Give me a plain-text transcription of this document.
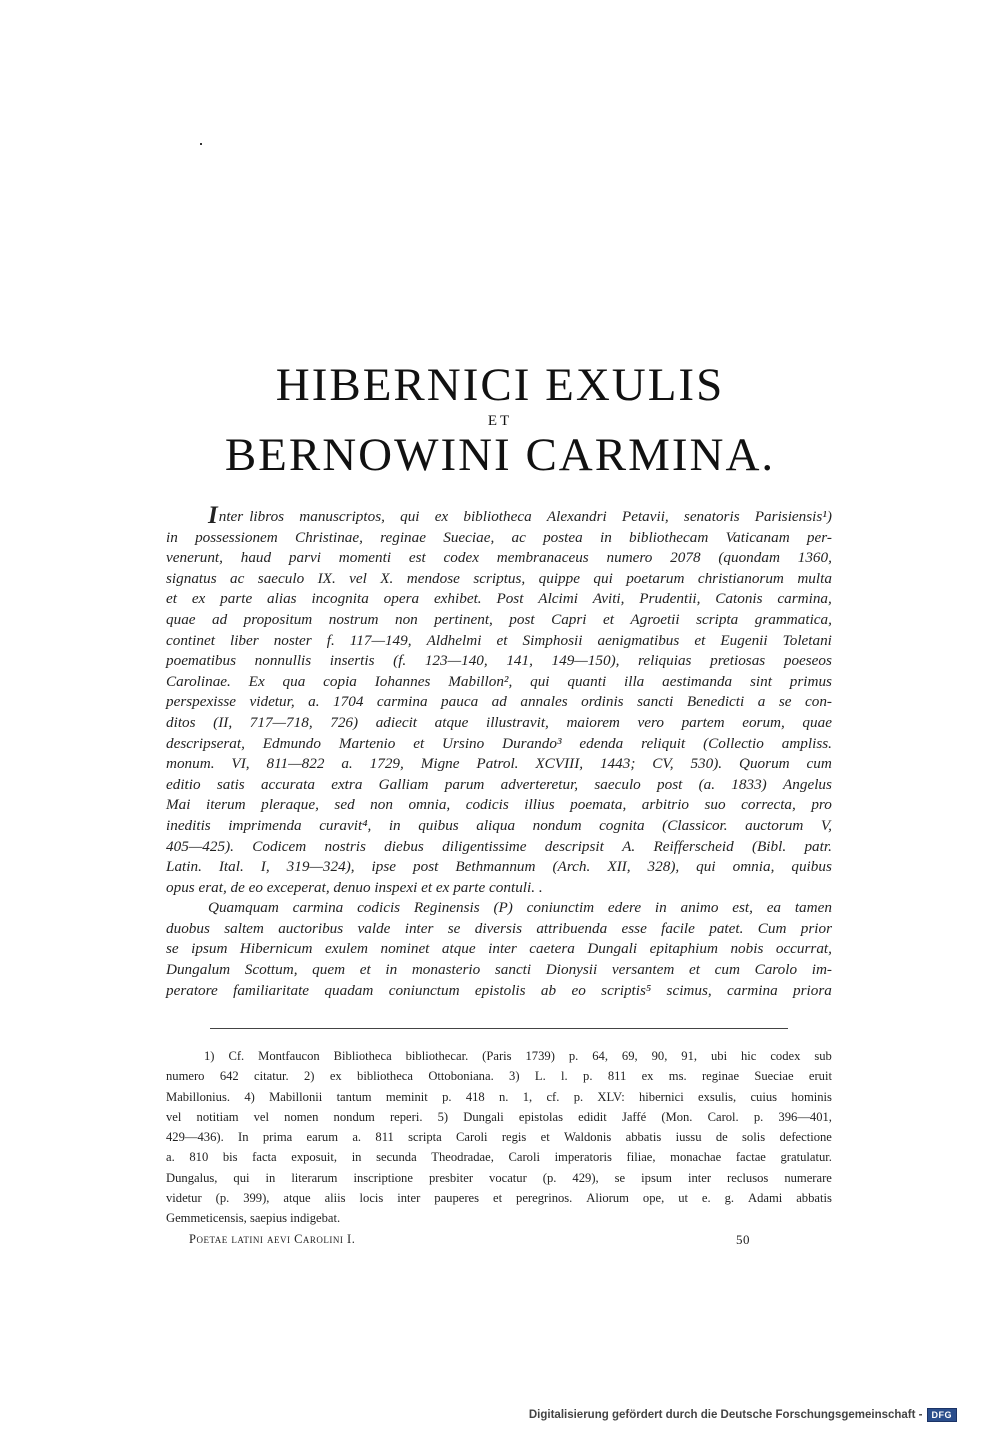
HIBERNICI EXULIS
ET
BERNOWINI CARMINA.
I nter libros manuscriptos, qui ex bibliotheca Alexandri Petavii, senatoris Parisiensis¹)
in possessionem Christinae, reginae Sueciae, ac postea in bibliothecam Vaticanam per-
venerunt, haud parvi momenti est codex membranaceus numero 2078 (quondam 1360,
signatus ac saeculo IX. vel X. mendose scriptus, quippe qui poetarum christianorum multa
et ex parte alias incognita opera exhibet. Post Alcimi Aviti, Prudentii, Catonis carmina,
quae ad propositum nostrum non pertinent, post Capri et Agroetii scripta grammatica,
continet liber noster f. 117—149, Aldhelmi et Simphosii aenigmatibus et Eugenii Toletani
poematibus nonnullis insertis (f. 123—140, 141, 149—150), reliquias pretiosas poeseos
Carolinae. Ex qua copia Iohannes Mabillon², qui quanti illa aestimanda sint primus
perspexisse videtur, a. 1704 carmina pauca ad annales ordinis sancti Benedicti a se con-
ditos (II, 717—718, 726) adiecit atque illustravit, maiorem vero partem eorum, quae
descripserat, Edmundo Martenio et Ursino Durando³ edenda reliquit (Collectio ampliss.
monum. VI, 811—822 a. 1729, Migne Patrol. XCVIII, 1443; CV, 530). Quorum cum
editio satis accurata extra Galliam parum adverteretur, saeculo post (a. 1833) Angelus
Mai iterum pleraque, sed non omnia, codicis illius poemata, arbitrio suo correcta, pro
ineditis imprimenda curavit⁴, in quibus aliqua nondum cognita (Classicor. auctorum V,
405—425). Codicem nostris diebus diligentissime descripsit A. Reifferscheid (Bibl. patr.
Latin. Ital. I, 319—324), ipse post Bethmannum (Arch. XII, 328), qui omnia, quibus
opus erat, de eo exceperat, denuo inspexi et ex parte contuli. .
Quamquam carmina codicis Reginensis (P) coniunctim edere in animo est, ea tamen
duobus saltem auctoribus valde inter se diversis attribuenda esse facile patet. Cum prior
se ipsum Hibernicum exulem nominet atque inter caetera Dungali epitaphium nobis occurrat,
Dungalum Scottum, quem et in monasterio sancti Dionysii versantem et cum Carolo im-
peratore familiaritate quadam coniunctum epistolis ab eo scriptis⁵ scimus, carmina priora
1) Cf. Montfaucon Bibliotheca bibliothecar. (Paris 1739) p. 64, 69, 90, 91, ubi hic codex sub
numero 642 citatur. 2) ex bibliotheca Ottoboniana. 3) L. l. p. 811 ex ms. reginae Sueciae eruit
Mabillonius. 4) Mabillonii tantum meminit p. 418 n. 1, cf. p. XLV: hibernici exsulis, cuius hominis
vel notitiam vel nomen nondum reperi. 5) Dungali epistolas edidit Jaffé (Mon. Carol. p. 396—401,
429—436). In prima earum a. 811 scripta Caroli regis et Waldonis abbatis iussu de solis defectione
a. 810 bis facta exposuit, in secunda Theodradae, Caroli imperatoris filiae, monachae factae gratulatur.
Dungalus, qui in literarum inscriptione presbiter vocatur (p. 429), se ipsum inter reclusos numerare
videtur (p. 399), atque aliis locis inter pauperes et peregrinos. Aliorum ope, ut e. g. Adami abbatis
Gemmeticensis, saepius indigebat.
Poetae latini aevi Carolini I.	50
Digitalisierung gefördert durch die Deutsche Forschungsgemeinschaft -	DFG
